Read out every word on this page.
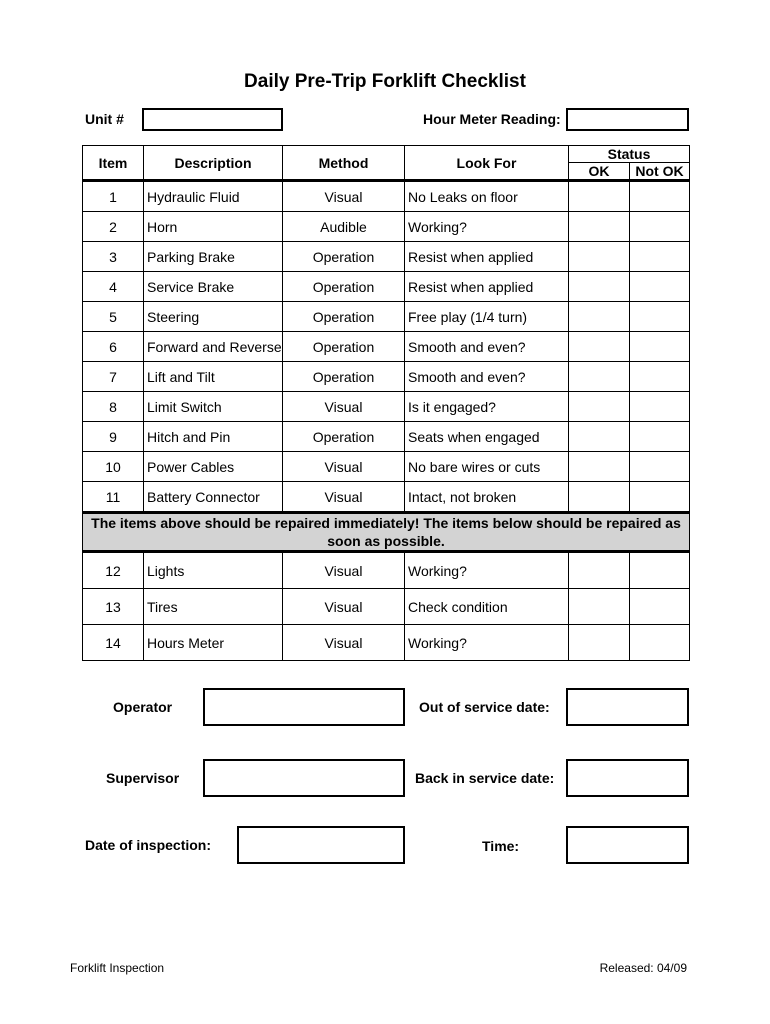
Daily Pre-Trip Forklift Checklist
Unit #	Hour Meter Reading:
Item	Description	Method	Look For	Status	
				OK	Not OK
1	Hydraulic Fluid	Visual	No Leaks on floor		
2	Horn	Audible	Working?		
3	Parking Brake	Operation	Resist when applied		
4	Service Brake	Operation	Resist when applied		
5	Steering	Operation	Free play (1/4 turn)		
6	Forward and Reverse	Operation	Smooth and even?		
7	Lift and Tilt	Operation	Smooth and even?		
8	Limit Switch	Visual	Is it engaged?		
9	Hitch and Pin	Operation	Seats when engaged		
10	Power Cables	Visual	No bare wires or cuts		
11	Battery Connector	Visual	Intact, not broken		
The items above should be repaired immediately! The items below should be repaired as soon as possible.					
12	Lights	Visual	Working?		
13	Tires	Visual	Check condition		
14	Hours Meter	Visual	Working?		
Operator	Out of service date:
Supervisor	Back in service date:
Date of inspection:	Time:
Forklift Inspection	Released: 04/09
